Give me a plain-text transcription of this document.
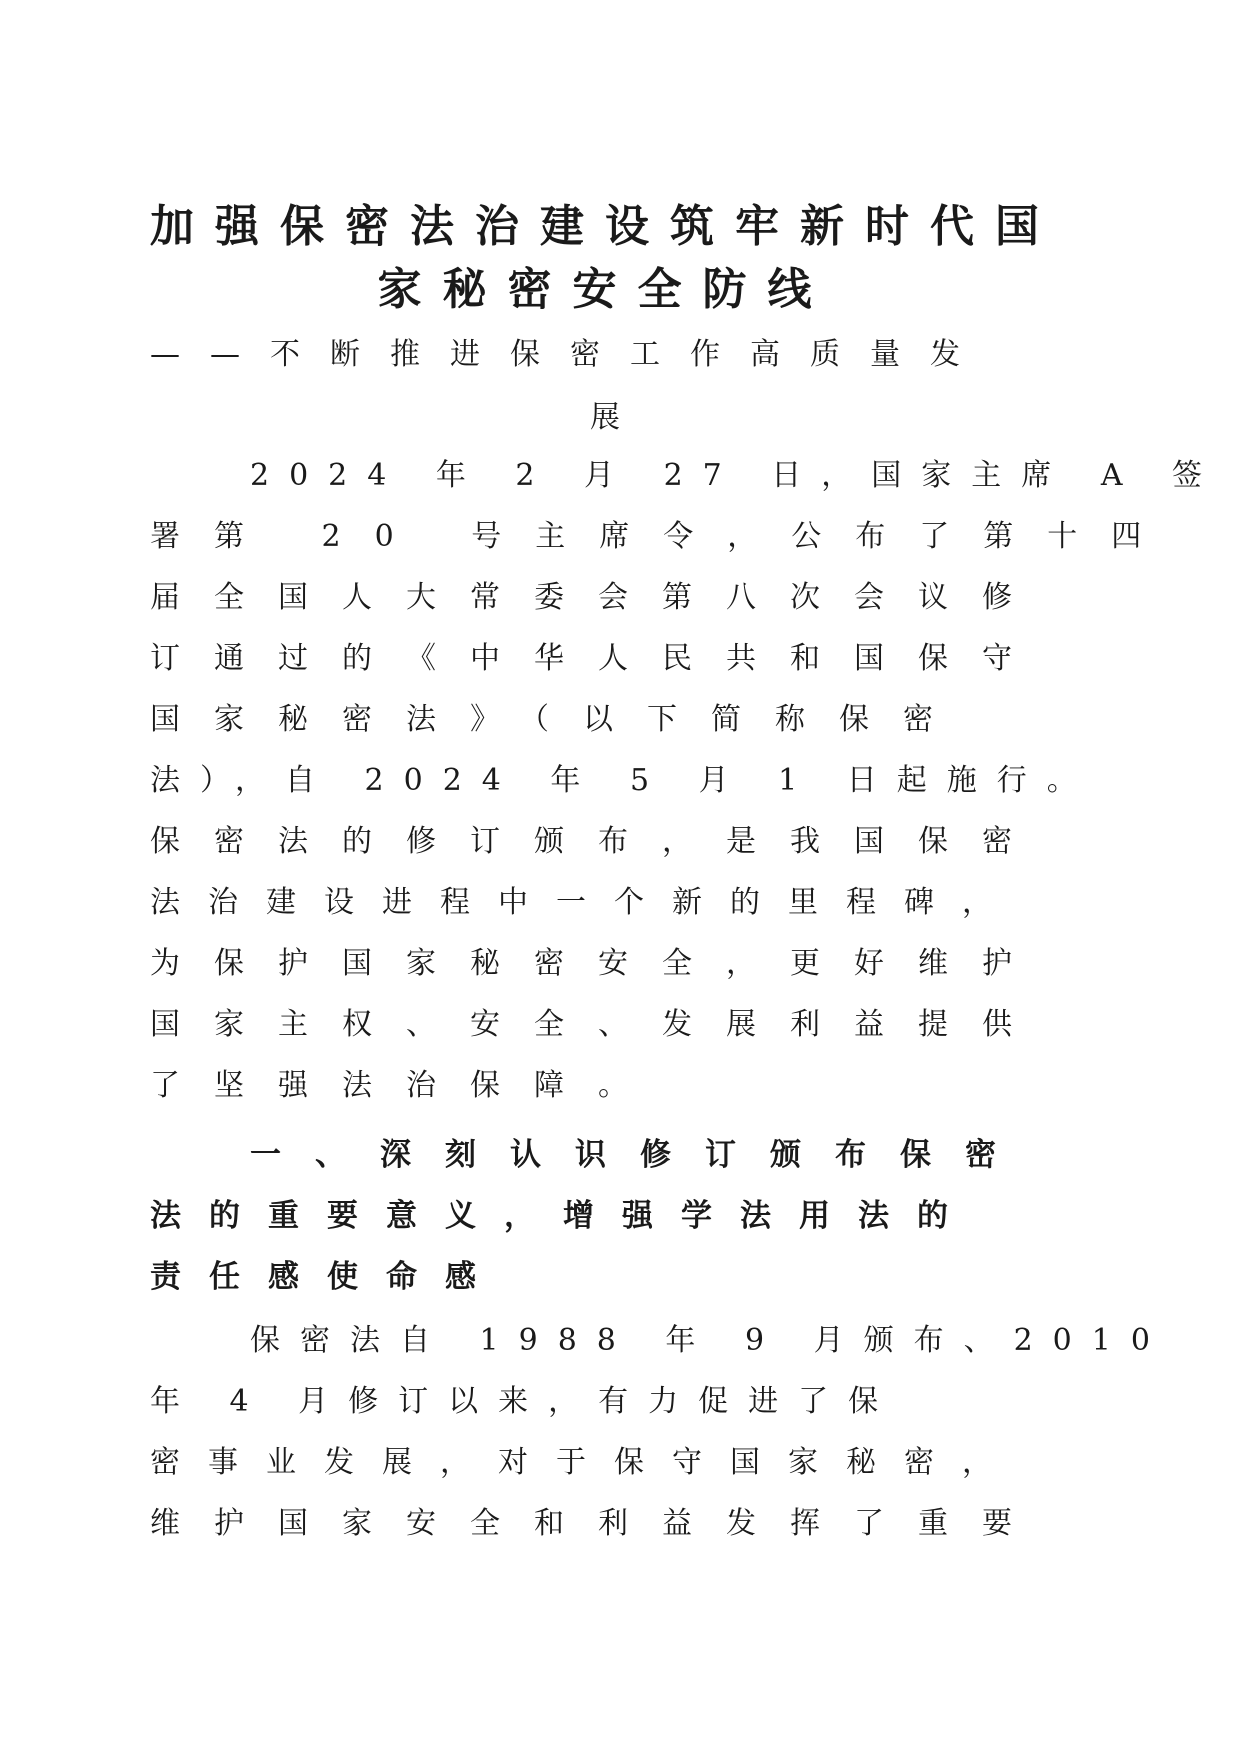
加强保密法治建设筑牢新时代国
家秘密安全防线

——不断推进保密工作高质量发

展

2024 年 2 月 27 日，国家主席 A 签
署第 20 号主席令，公布了第十四
届全国人大常委会第八次会议修
订通过的《中华人民共和国保守
国家秘密法》（以下简称保密
法），自 2024 年 5 月 1 日起施行。
保密法的修订颁布，是我国保密
法治建设进程中一个新的里程碑，
为保护国家秘密安全，更好维护
国家主权、安全、发展利益提供
了坚强法治保障。
一、深刻认识修订颁布保密
法的重要意义，增强学法用法的
责任感使命感
保密法自 1988 年 9 月颁布、2010
年 4 月修订以来，有力促进了保
密事业发展，对于保守国家秘密，
维护国家安全和利益发挥了重要
